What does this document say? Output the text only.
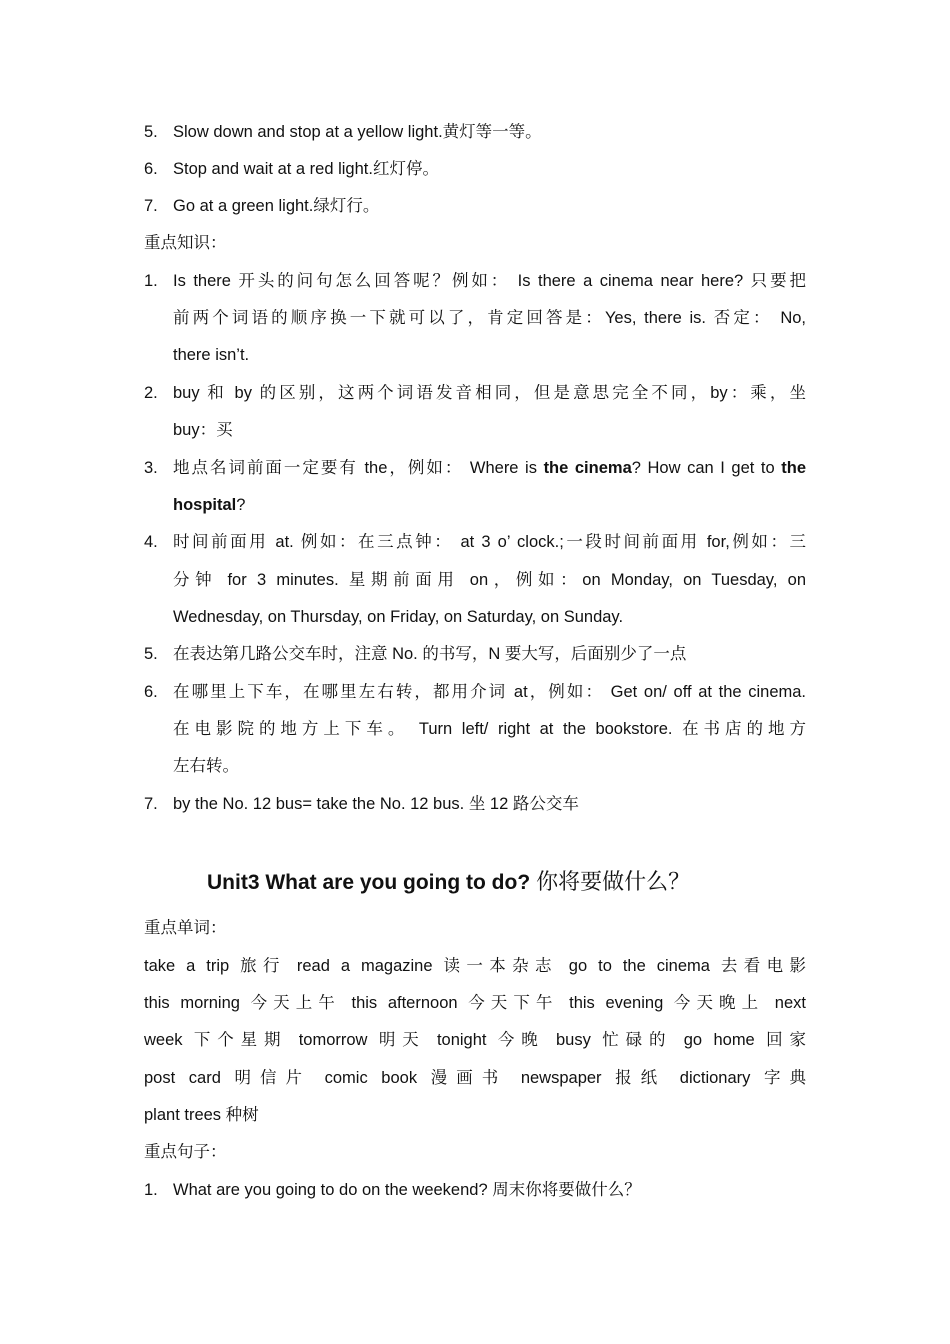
5. Slow down and stop at a yellow light.黄灯等一等。
6. Stop and wait at a red light.红灯停。
7. Go at a green light.绿灯行。
重点知识：
1. Is there 开头的问句怎么回答呢？例如： Is there a cinema near here? 只要把
前两个词语的顺序换一下就可以了，肯定回答是：Yes, there is. 否定： No,
there isn’t.
2. buy 和 by 的区别，这两个词语发音相同，但是意思完全不同，by：乘，坐
buy：买
3. 地点名词前面一定要有 the，例如： Where is the cinema? How can I get to the
hospital?
4. 时间前面用 at. 例如：在三点钟： at 3 o’ clock.;一段时间前面用 for,例如：三
分钟 for 3 minutes. 星期前面用 on，例如：on Monday, on Tuesday, on
Wednesday, on Thursday, on Friday, on Saturday, on Sunday.
5. 在表达第几路公交车时，注意 No. 的书写，N 要大写，后面别少了一点
6. 在哪里上下车，在哪里左右转，都用介词 at，例如： Get on/ off at the cinema.
在电影院的地方上下车。 Turn left/ right at the bookstore. 在书店的地方
左右转。
7. by the No. 12 bus= take the No. 12 bus. 坐 12 路公交车
Unit3 What are you going to do? 你将要做什么？
重点单词：
take a trip 旅行 read a magazine 读一本杂志 go to the cinema 去看电影
this morning 今天上午 this afternoon 今天下午 this evening 今天晚上 next
week 下个星期 tomorrow 明天 tonight 今晚 busy 忙碌的 go home 回家
post card 明信片 comic book 漫画书 newspaper 报纸 dictionary 字典
plant trees 种树
重点句子：
1. What are you going to do on the weekend? 周末你将要做什么？
